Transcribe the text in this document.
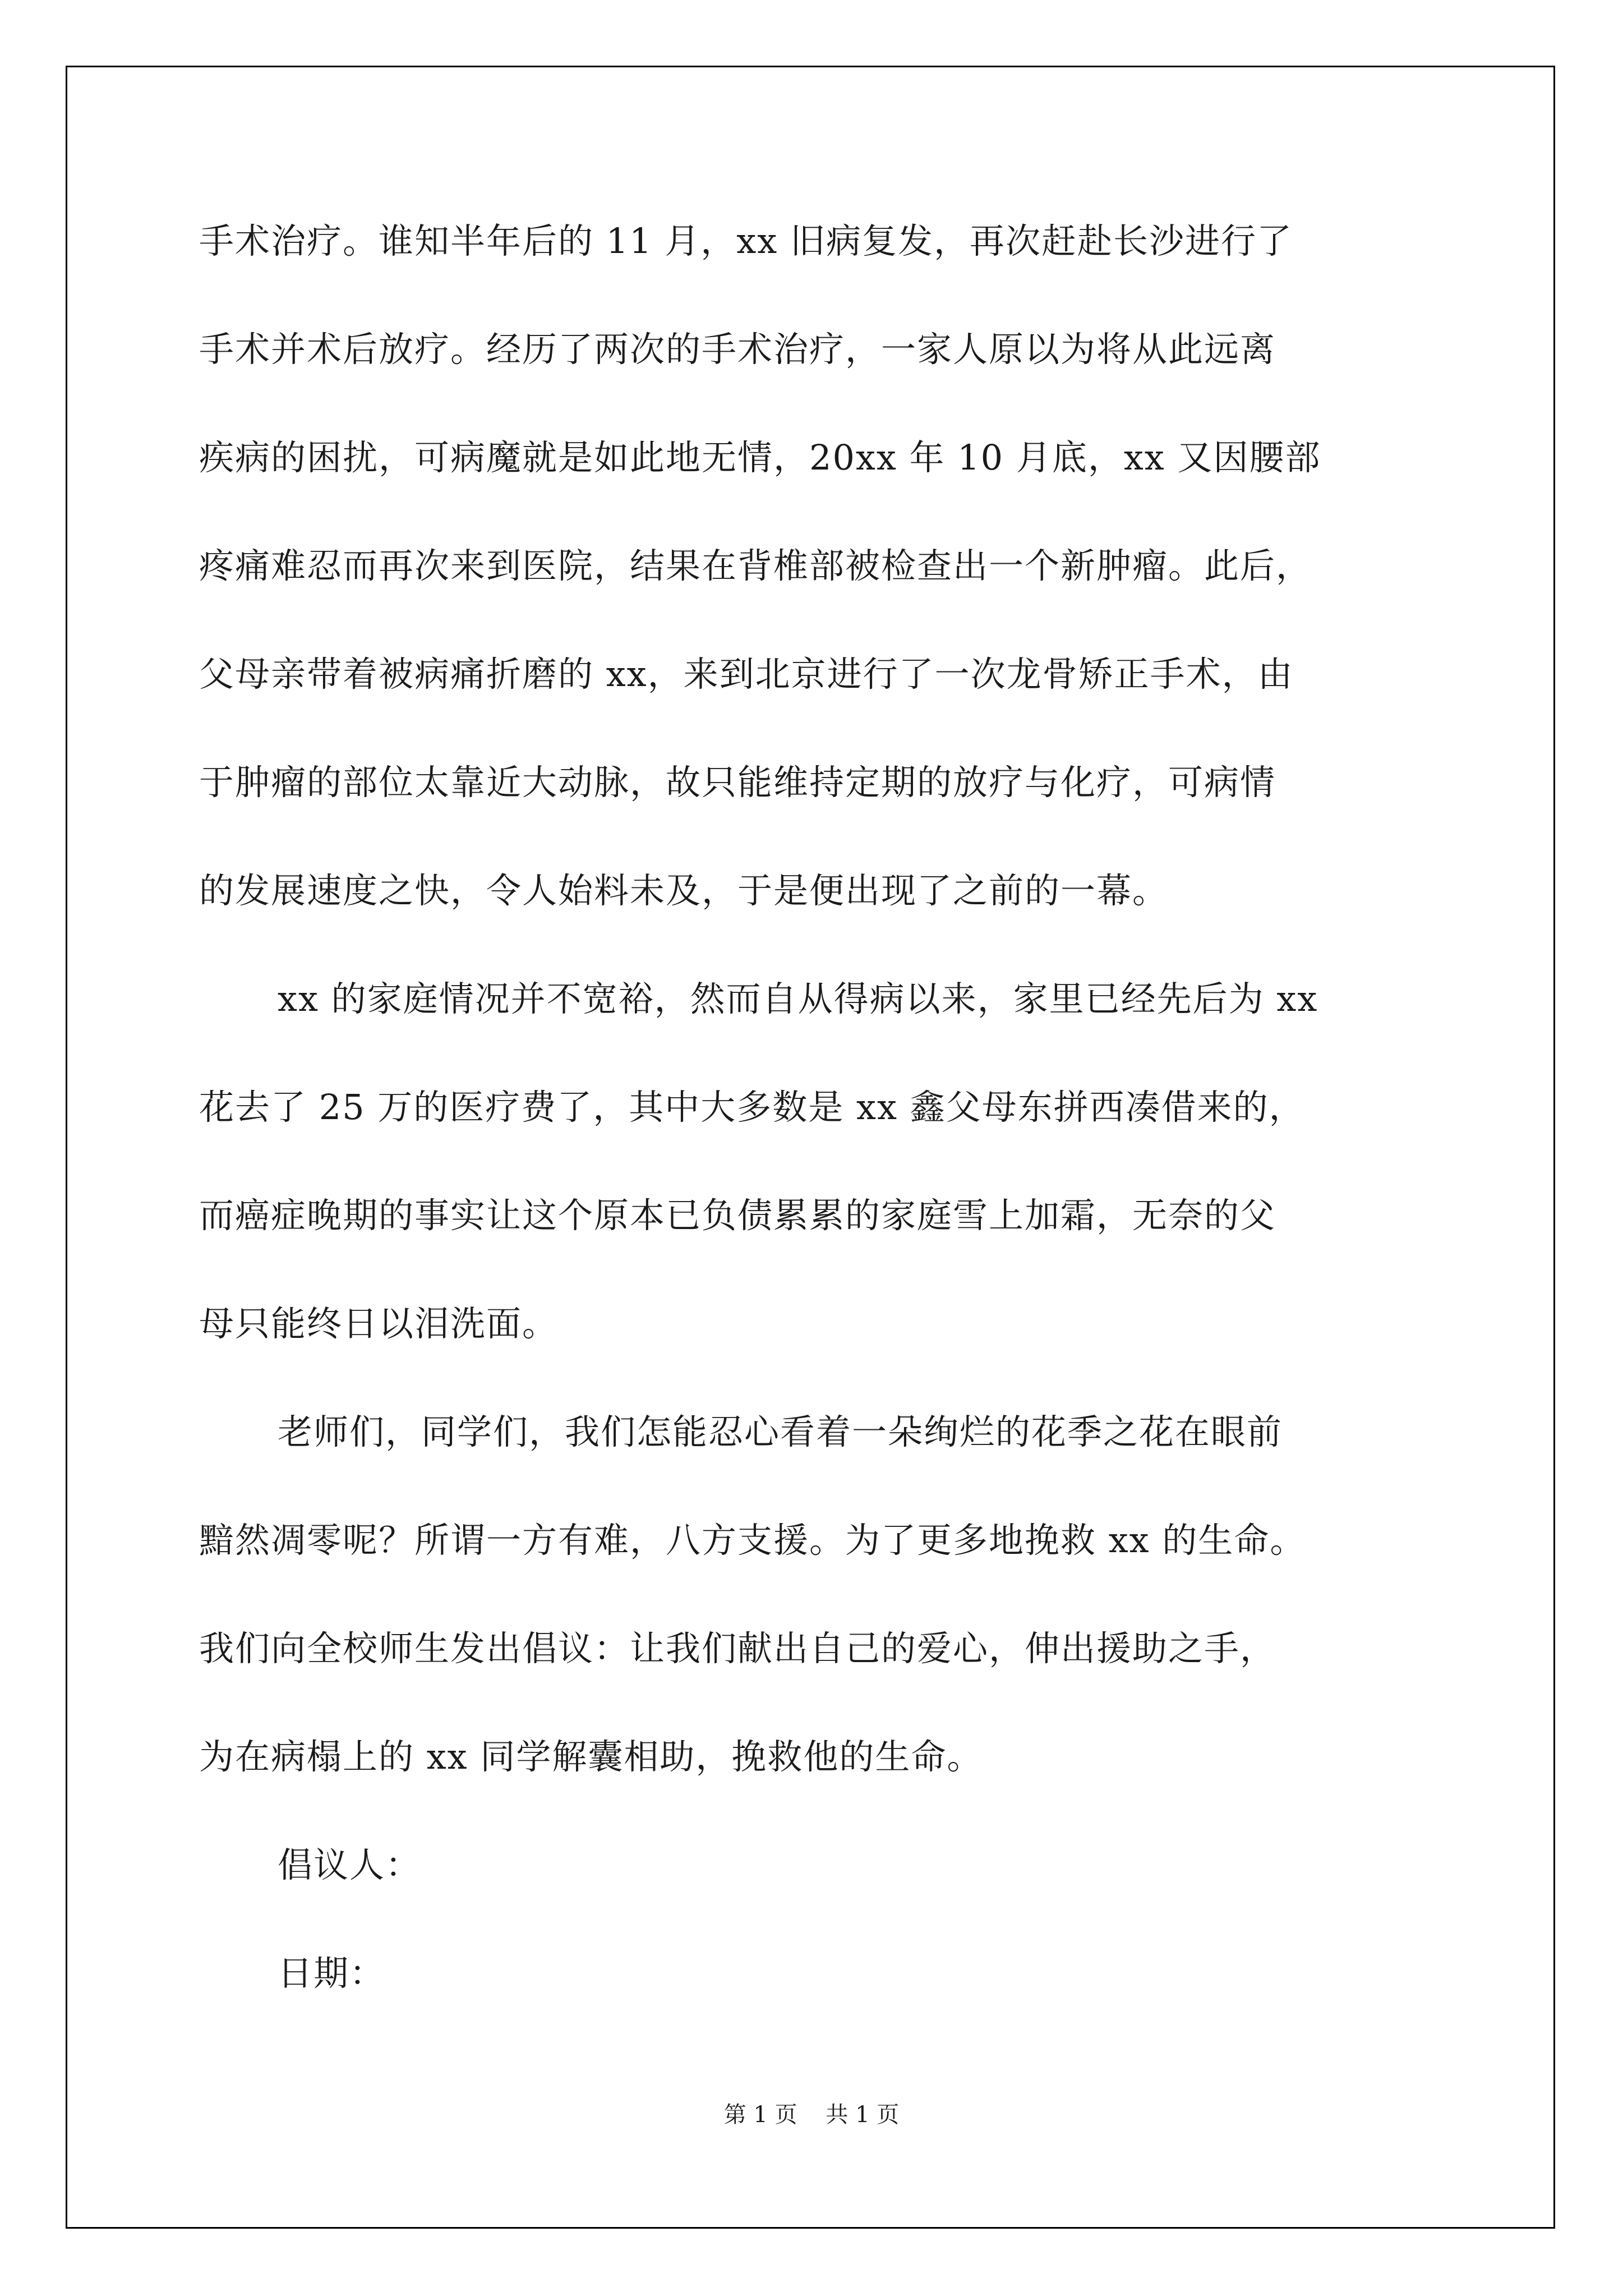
手术治疗。谁知半年后的 11 月，xx 旧病复发，再次赶赴长沙进行了
手术并术后放疗。经历了两次的手术治疗，一家人原以为将从此远离
疾病的困扰，可病魔就是如此地无情，20xx 年 10 月底，xx 又因腰部
疼痛难忍而再次来到医院，结果在背椎部被检查出一个新肿瘤。此后，
父母亲带着被病痛折磨的 xx，来到北京进行了一次龙骨矫正手术，由
于肿瘤的部位太靠近大动脉，故只能维持定期的放疗与化疗，可病情
的发展速度之快，令人始料未及，于是便出现了之前的一幕。
xx 的家庭情况并不宽裕，然而自从得病以来，家里已经先后为 xx
花去了 25 万的医疗费了，其中大多数是 xx 鑫父母东拼西凑借来的，
而癌症晚期的事实让这个原本已负债累累的家庭雪上加霜，无奈的父
母只能终日以泪洗面。
老师们，同学们，我们怎能忍心看着一朵绚烂的花季之花在眼前
黯然凋零呢？所谓一方有难，八方支援。为了更多地挽救 xx 的生命。
我们向全校师生发出倡议：让我们献出自己的爱心，伸出援助之手，
为在病榻上的 xx 同学解囊相助，挽救他的生命。
倡议人：
日期：
第 1 页    共 1 页
